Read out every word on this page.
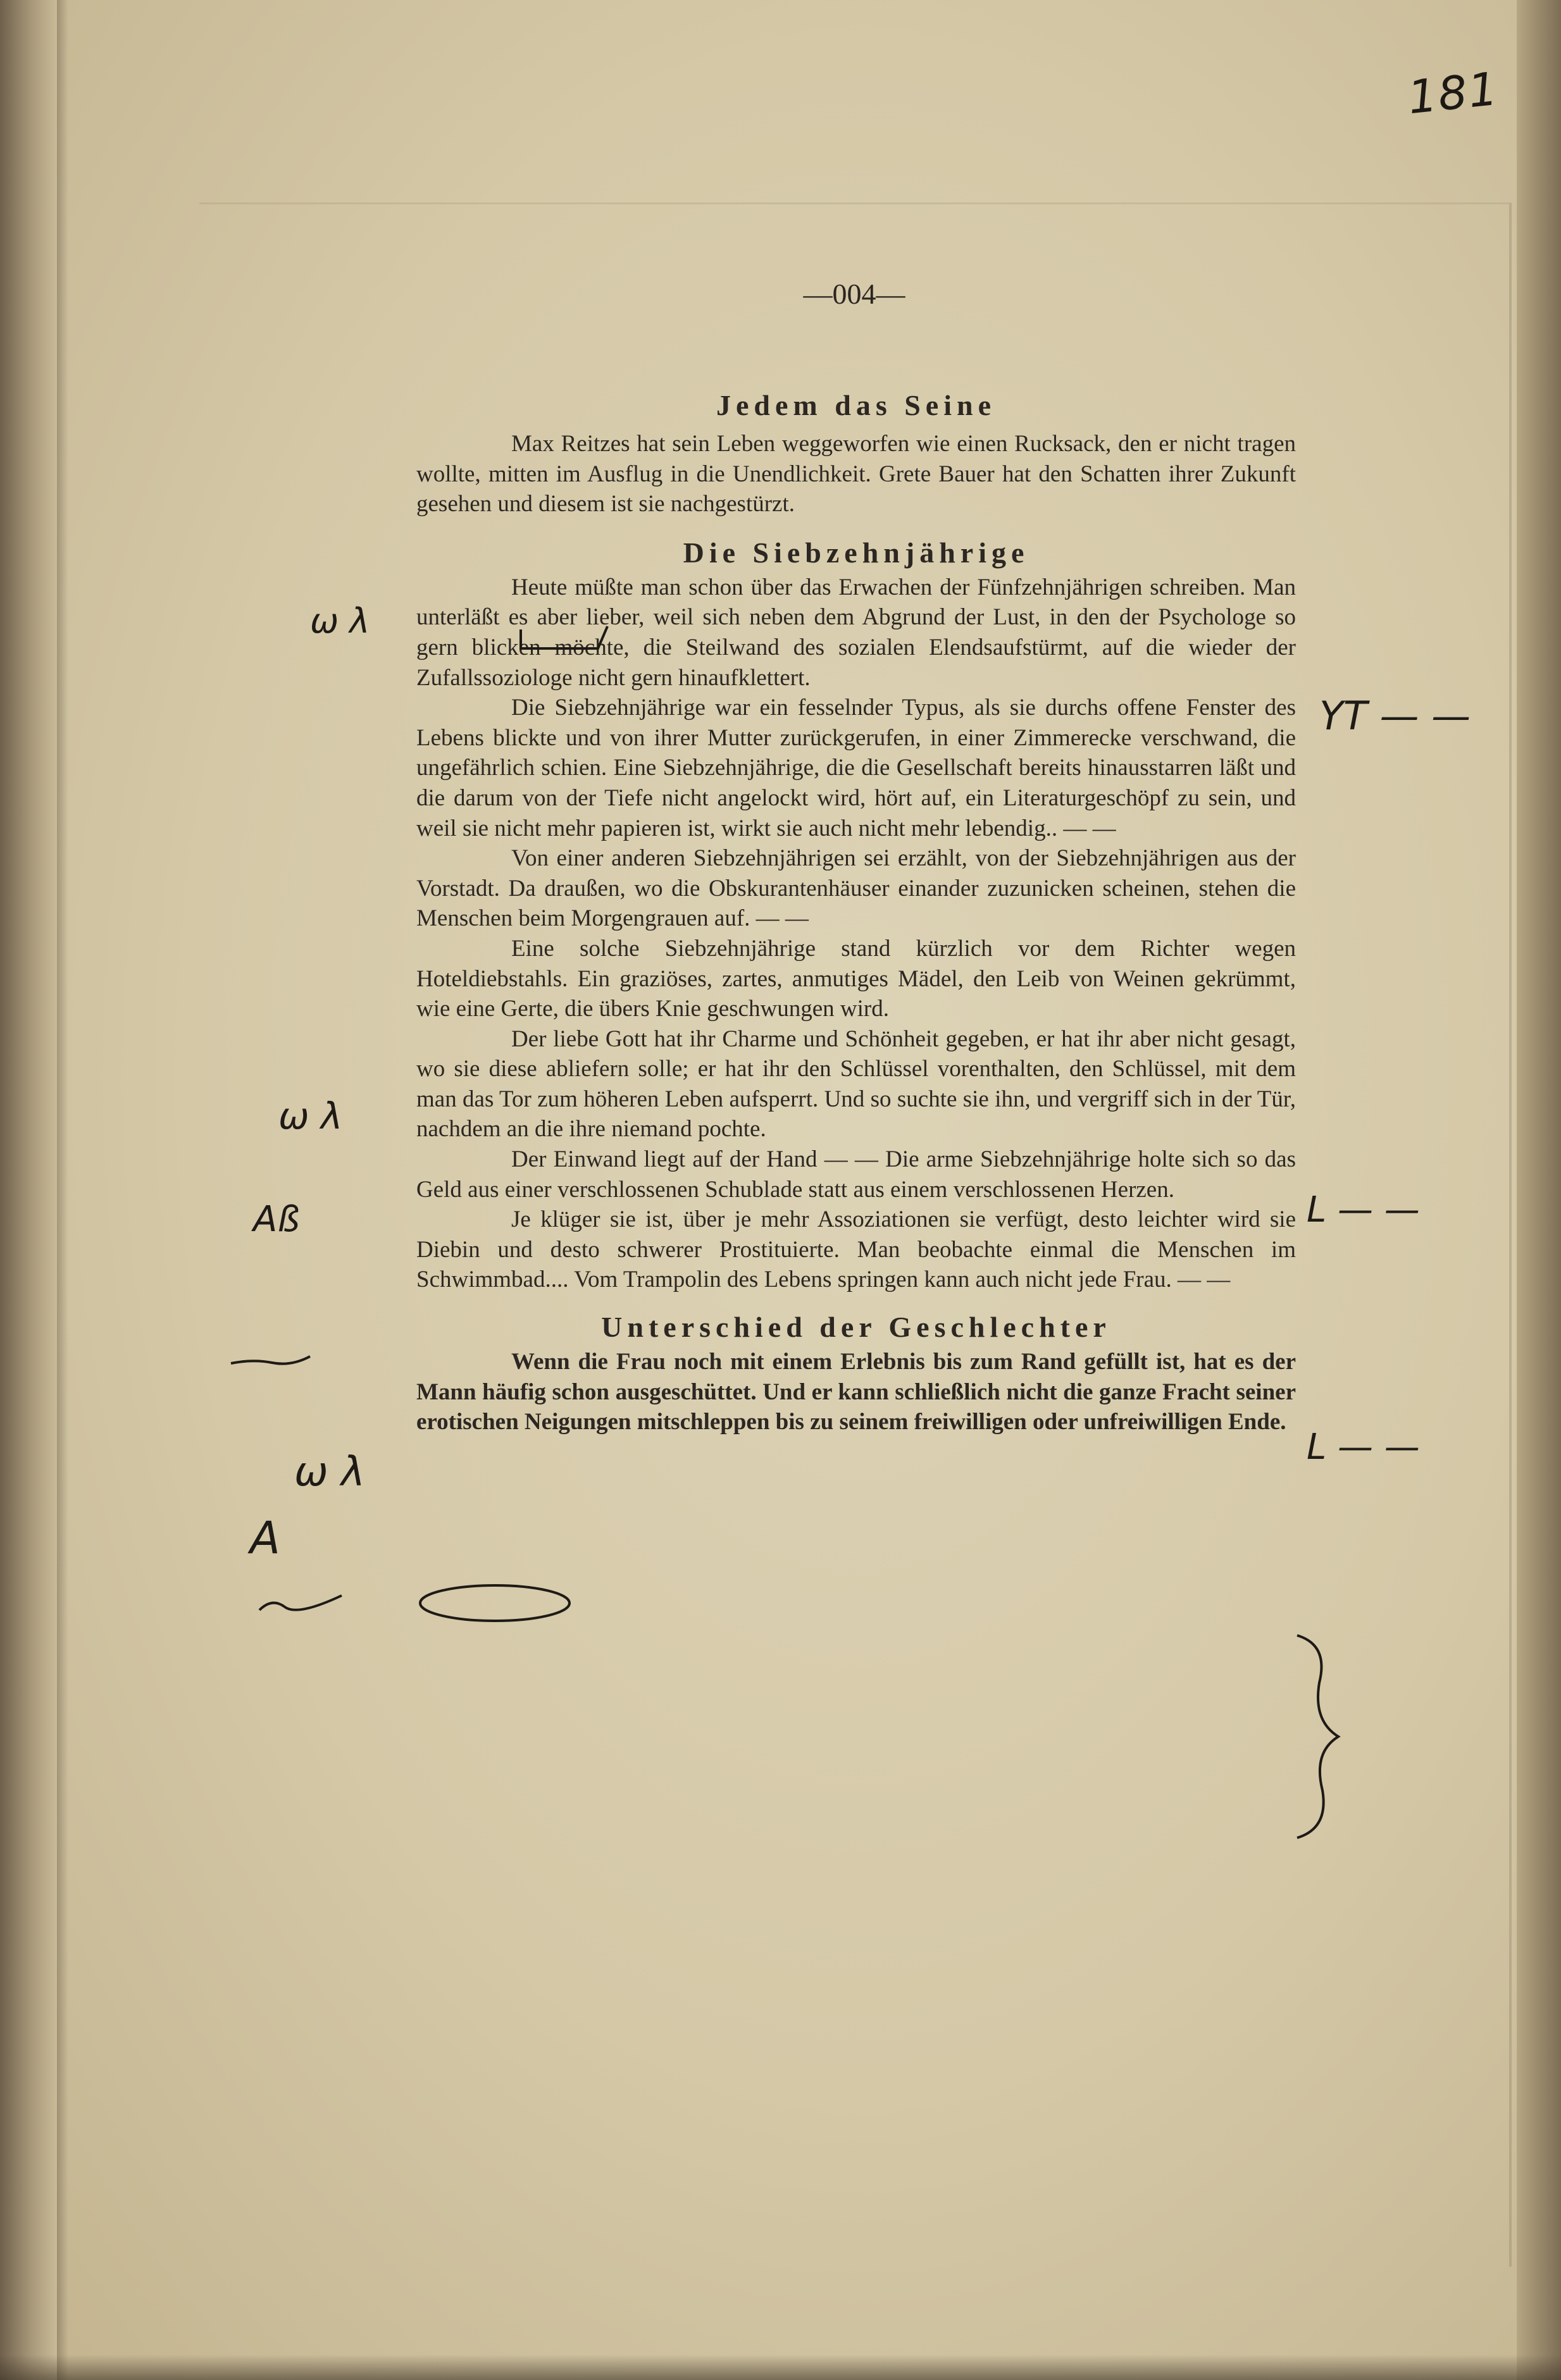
181
—004—
Jedem das Seine

Max Reitzes hat sein Leben weggeworfen wie einen Rucksack, den er nicht tragen wollte, mitten im Ausflug in die Unendlichkeit. Grete Bauer hat den Schatten ihrer Zukunft gesehen und diesem ist sie nachgestürzt.

Die Siebzehnjährige

Heute müßte man schon über das Erwachen der Fünfzehnjährigen schreiben. Man unterläßt es aber lieber, weil sich neben dem Abgrund der Lust, in den der Psychologe so gern blicken möchte, die Steilwand des sozialen Elendsaufstürmt, auf die wieder der Zufallssoziologe nicht gern hinaufklettert.

Die Siebzehnjährige war ein fesselnder Typus, als sie durchs offene Fenster des Lebens blickte und von ihrer Mutter zurückgerufen, in einer Zimmerecke verschwand, die ungefährlich schien. Eine Siebzehnjährige, die die Gesellschaft bereits hinausstarren läßt und die darum von der Tiefe nicht angelockt wird, hört auf, ein Literaturgeschöpf zu sein, und weil sie nicht mehr papieren ist, wirkt sie auch nicht mehr lebendig.. — —

Von einer anderen Siebzehnjährigen sei erzählt, von der Siebzehnjährigen aus der Vorstadt. Da draußen, wo die Obskurantenhäuser einander zuzunicken scheinen, stehen die Menschen beim Morgengrauen auf. — —

Eine solche Siebzehnjährige stand kürzlich vor dem Richter wegen Hoteldiebstahls. Ein graziöses, zartes, anmutiges Mädel, den Leib von Weinen gekrümmt, wie eine Gerte, die übers Knie geschwungen wird.

Der liebe Gott hat ihr Charme und Schönheit gegeben, er hat ihr aber nicht gesagt, wo sie diese abliefern solle; er hat ihr den Schlüssel vorenthalten, den Schlüssel, mit dem man das Tor zum höheren Leben aufsperrt. Und so suchte sie ihn, und vergriff sich in der Tür, nachdem an die ihre niemand pochte.

Der Einwand liegt auf der Hand — — Die arme Siebzehnjährige holte sich so das Geld aus einer verschlossenen Schublade statt aus einem verschlossenen Herzen.

Je klüger sie ist, über je mehr Assoziationen sie verfügt, desto leichter wird sie Diebin und desto schwerer Prostituierte. Man beobachte einmal die Menschen im Schwimmbad.... Vom Trampolin des Lebens springen kann auch nicht jede Frau. — —

Unterschied der Geschlechter

Wenn die Frau noch mit einem Erlebnis bis zum Rand gefüllt ist, hat es der Mann häufig schon ausgeschüttet. Und er kann schließlich nicht die ganze Fracht seiner erotischen Neigungen mitschleppen bis zu seinem freiwilligen oder unfreiwilligen Ende.

ω λ
ω λ
Aß
ω λ
A
YT — —
L — —
L — —
